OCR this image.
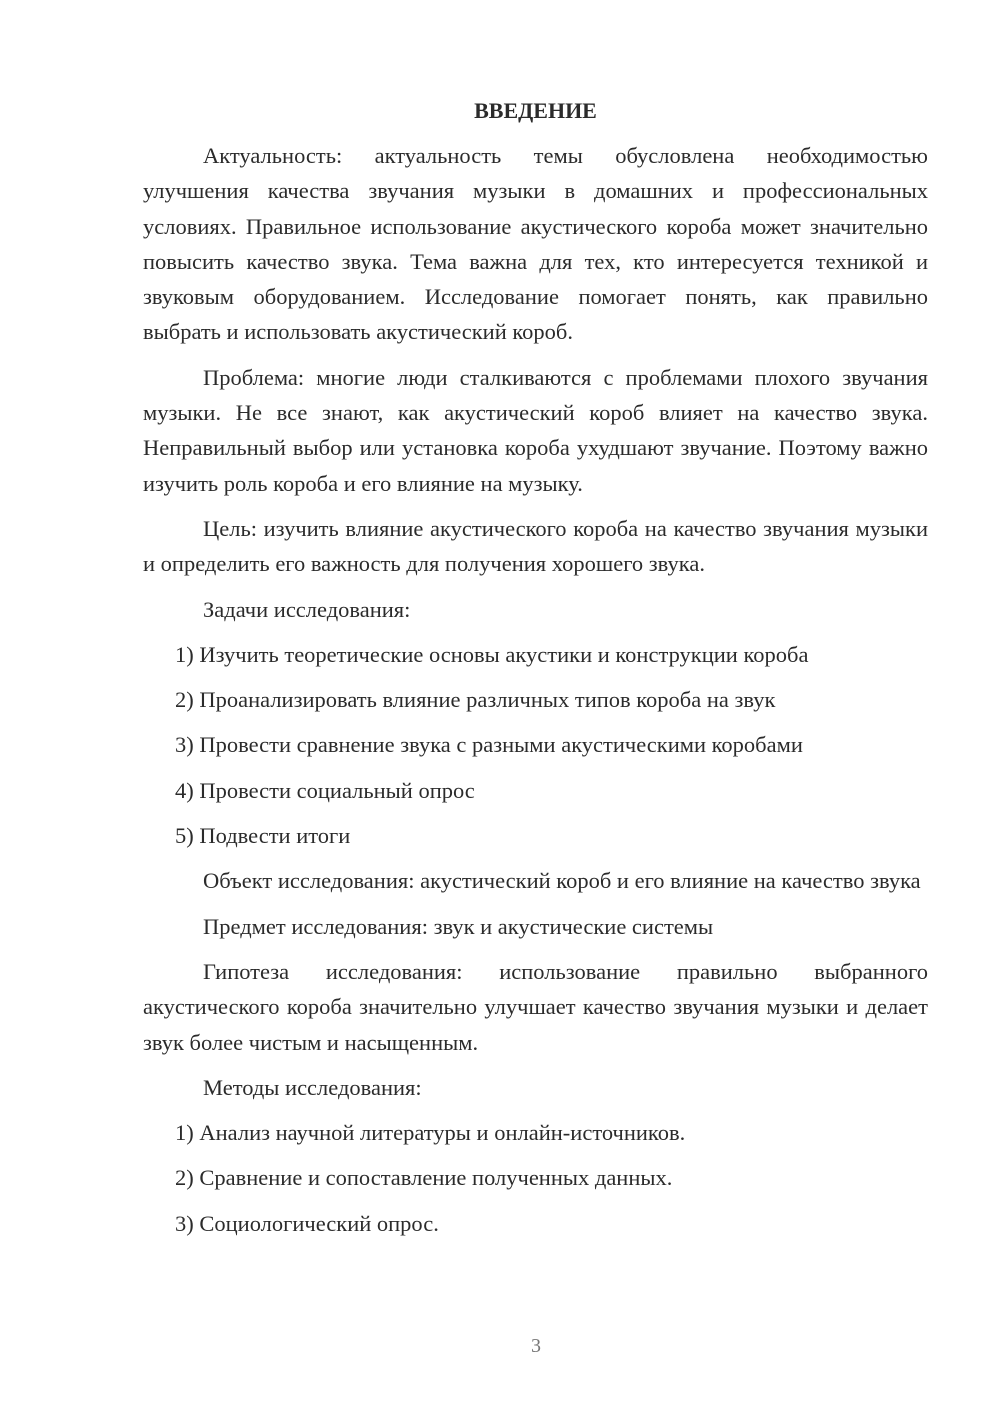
ВВЕДЕНИЕ

Актуальность: актуальность темы обусловлена необходимостью улучшения качества звучания музыки в домашних и профессиональных условиях. Правильное использование акустического короба может значительно повысить качество звука. Тема важна для тех, кто интересуется техникой и звуковым оборудованием. Исследование помогает понять, как правильно выбрать и использовать акустический короб.

Проблема: многие люди сталкиваются с проблемами плохого звучания музыки. Не все знают, как акустический короб влияет на качество звука. Неправильный выбор или установка короба ухудшают звучание. Поэтому важно изучить роль короба и его влияние на музыку.

Цель: изучить влияние акустического короба на качество звучания музыки и определить его важность для получения хорошего звука.

Задачи исследования:

1) Изучить теоретические основы акустики и конструкции короба

2) Проанализировать влияние различных типов короба на звук

3) Провести сравнение звука с разными акустическими коробами

4) Провести социальный опрос

5) Подвести итоги

Объект исследования: акустический короб и его влияние на качество звука

Предмет исследования: звук и акустические системы

Гипотеза исследования: использование правильно выбранного акустического короба значительно улучшает качество звучания музыки и делает звук более чистым и насыщенным.

Методы исследования:

1) Анализ научной литературы и онлайн-источников.

2) Сравнение и сопоставление полученных данных.

3) Социологический опрос.

3
